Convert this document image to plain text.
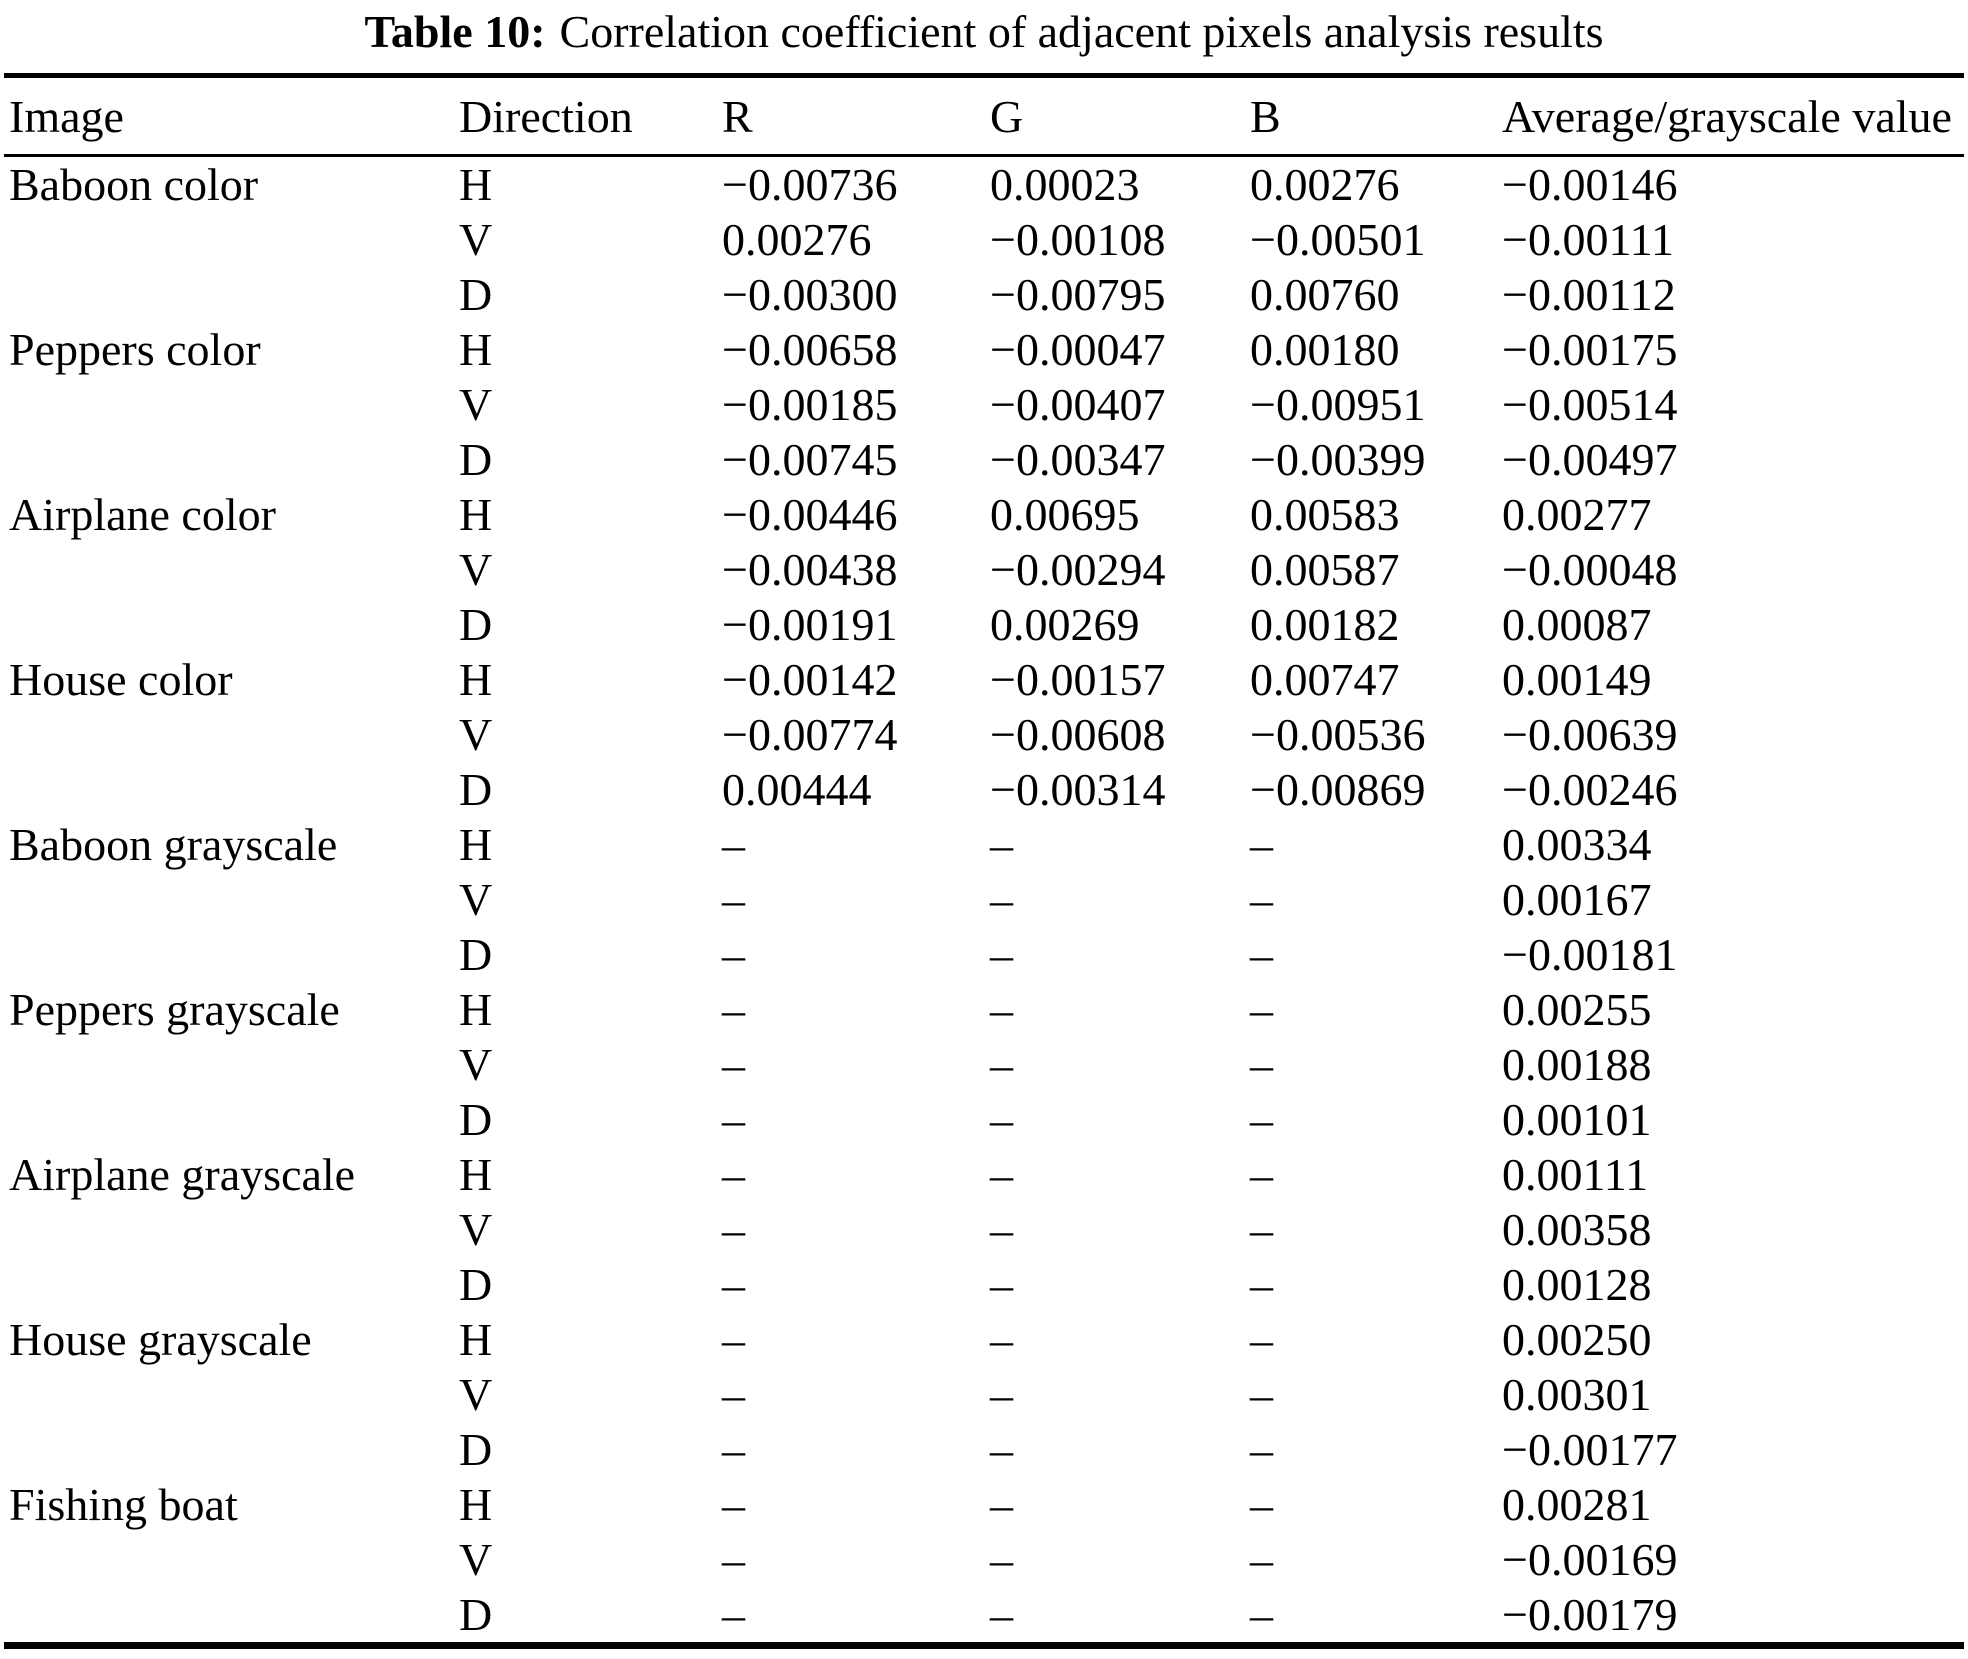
Table 10: Correlation coefficient of adjacent pixels analysis results
Image	Direction	R	G	B	Average/grayscale value
Baboon color	H	−0.00736	0.00023	0.00276	−0.00146
	V	0.00276	−0.00108	−0.00501	−0.00111
	D	−0.00300	−0.00795	0.00760	−0.00112
Peppers color	H	−0.00658	−0.00047	0.00180	−0.00175
	V	−0.00185	−0.00407	−0.00951	−0.00514
	D	−0.00745	−0.00347	−0.00399	−0.00497
Airplane color	H	−0.00446	0.00695	0.00583	0.00277
	V	−0.00438	−0.00294	0.00587	−0.00048
	D	−0.00191	0.00269	0.00182	0.00087
House color	H	−0.00142	−0.00157	0.00747	0.00149
	V	−0.00774	−0.00608	−0.00536	−0.00639
	D	0.00444	−0.00314	−0.00869	−0.00246
Baboon grayscale	H	–	–	–	0.00334
	V	–	–	–	0.00167
	D	–	–	–	−0.00181
Peppers grayscale	H	–	–	–	0.00255
	V	–	–	–	0.00188
	D	–	–	–	0.00101
Airplane grayscale	H	–	–	–	0.00111
	V	–	–	–	0.00358
	D	–	–	–	0.00128
House grayscale	H	–	–	–	0.00250
	V	–	–	–	0.00301
	D	–	–	–	−0.00177
Fishing boat	H	–	–	–	0.00281
	V	–	–	–	−0.00169
	D	–	–	–	−0.00179
